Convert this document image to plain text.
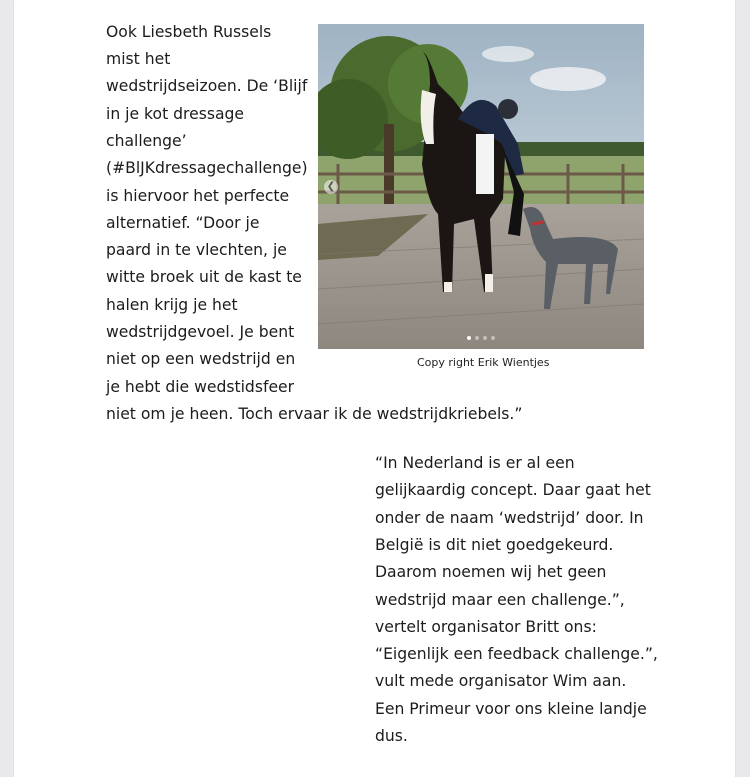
Ook Liesbeth Russels
mist het
wedstrijdseizoen. De ‘Blijf
in je kot dressage
challenge’
(#BlJKdressagechallenge)
is hiervoor het perfecte
alternatief. “Door je
paard in te vlechten, je
witte broek uit de kast te
halen krijg je het
wedstrijdgevoel. Je bent
niet op een wedstrijd en
je hebt die wedstidsfeer
niet om je heen. Toch ervaar ik de wedstrijdkriebels.”
❮
Copy right Erik Wientjes
“In Nederland is er al een
gelijkaardig concept. Daar gaat het
onder de naam ‘wedstrijd’ door. In
België is dit niet goedgekeurd.
Daarom noemen wij het geen
wedstrijd maar een challenge.”,
vertelt organisator Britt ons:
“Eigenlijk een feedback challenge.”,
vult mede organisator Wim aan.
Een Primeur voor ons kleine landje
dus.
